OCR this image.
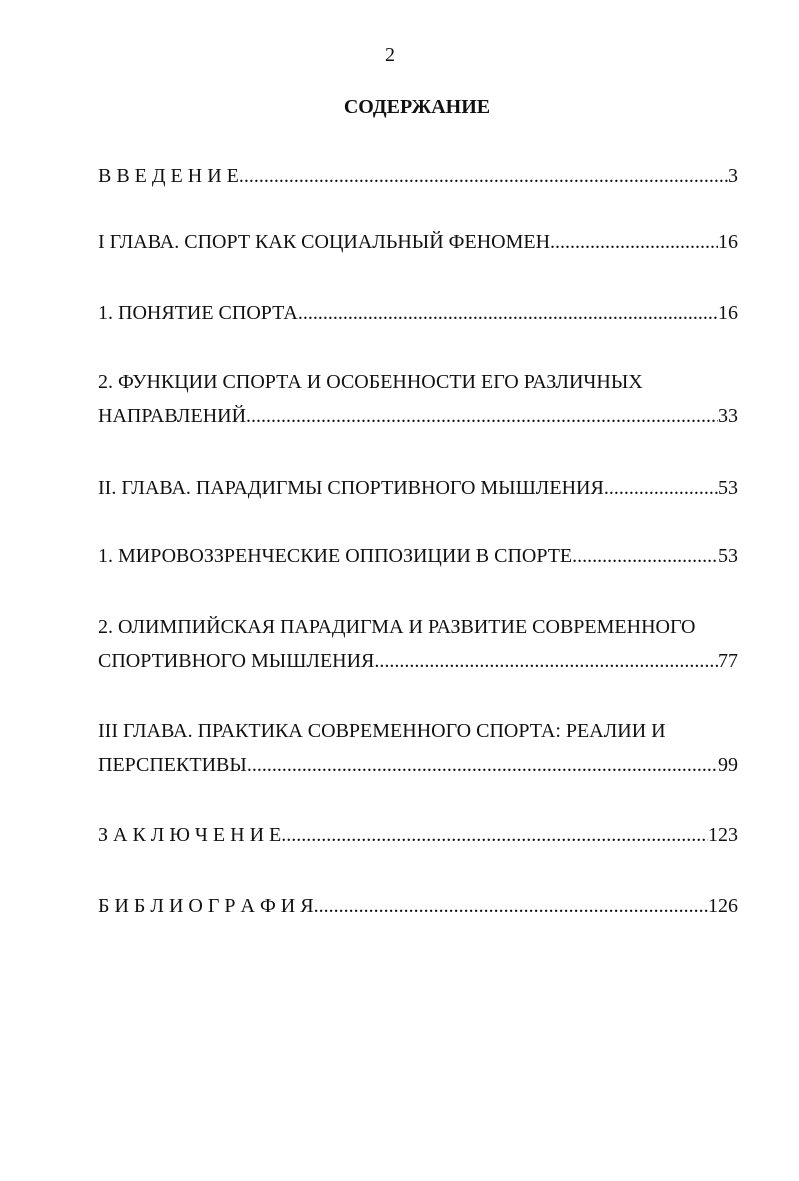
2
СОДЕРЖАНИЕ
В В Е Д Е Н И Е .....	3
I ГЛАВА. СПОРТ КАК СОЦИАЛЬНЫЙ ФЕНОМЕН .....	16
1. ПОНЯТИЕ СПОРТА .....	16
2. ФУНКЦИИ СПОРТА И ОСОБЕННОСТИ ЕГО РАЗЛИЧНЫХ
НАПРАВЛЕНИЙ .....	33
II. ГЛАВА. ПАРАДИГМЫ СПОРТИВНОГО МЫШЛЕНИЯ .....	53
1. МИРОВОЗЗРЕНЧЕСКИЕ ОППОЗИЦИИ В СПОРТЕ .....	53
2. ОЛИМПИЙСКАЯ ПАРАДИГМА И РАЗВИТИЕ СОВРЕМЕННОГО
СПОРТИВНОГО МЫШЛЕНИЯ .....	77
III ГЛАВА. ПРАКТИКА СОВРЕМЕННОГО СПОРТА: РЕАЛИИ И
ПЕРСПЕКТИВЫ .....	99
З А К Л Ю Ч Е Н И Е .....	123
Б И Б Л И О Г Р А Ф И Я .....	126
